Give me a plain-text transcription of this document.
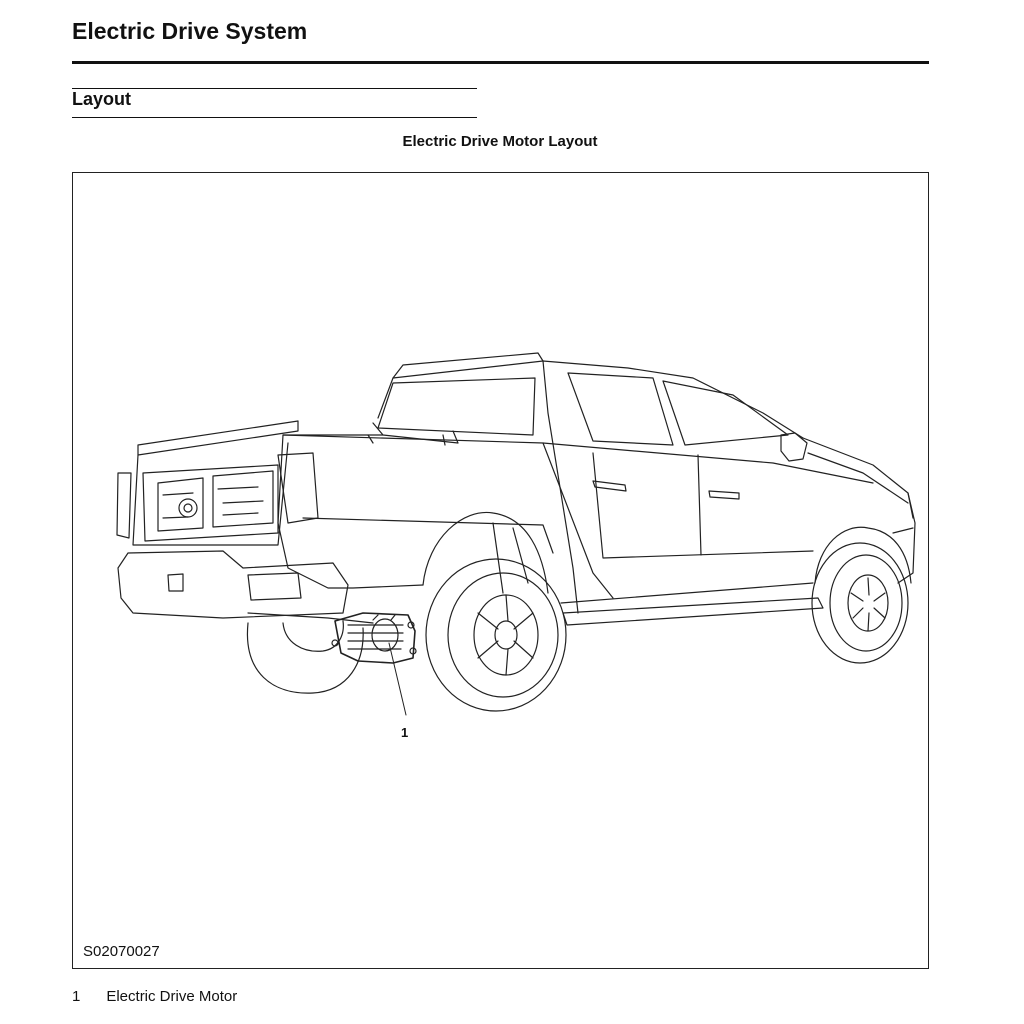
Electric Drive System
Layout
Electric Drive Motor Layout
1
S02070027
1 Electric Drive Motor
